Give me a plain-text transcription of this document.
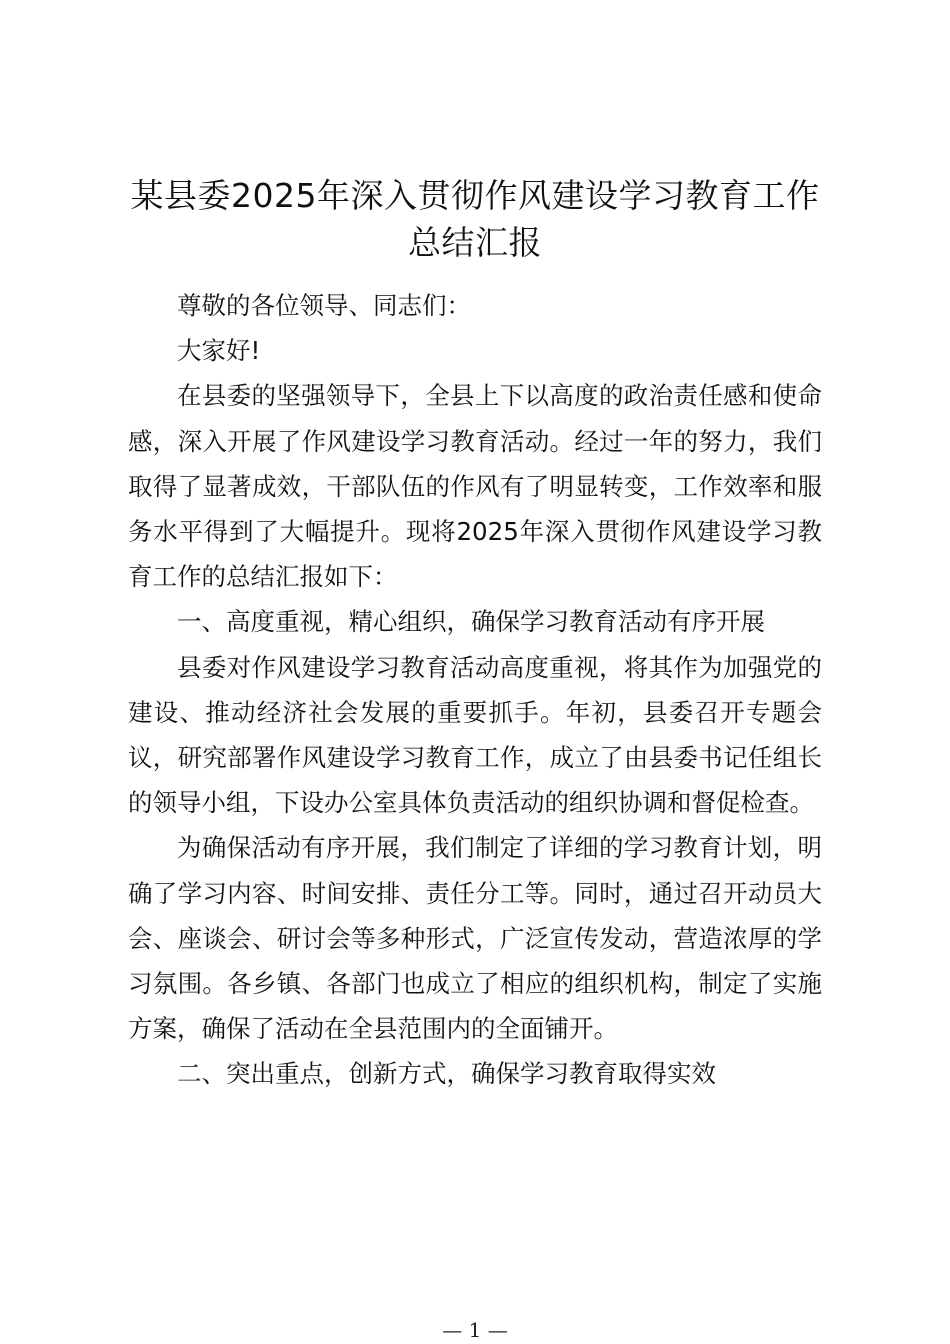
某县委2025年深入贯彻作风建设学习教育工作总结汇报

尊敬的各位领导、同志们：

大家好!

在县委的坚强领导下，全县上下以高度的政治责任感和使命感，深入开展了作风建设学习教育活动。经过一年的努力，我们取得了显著成效，干部队伍的作风有了明显转变，工作效率和服务水平得到了大幅提升。现将2025年深入贯彻作风建设学习教育工作的总结汇报如下：

一、高度重视，精心组织，确保学习教育活动有序开展

县委对作风建设学习教育活动高度重视，将其作为加强党的建设、推动经济社会发展的重要抓手。年初，县委召开专题会议，研究部署作风建设学习教育工作，成立了由县委书记任组长的领导小组，下设办公室具体负责活动的组织协调和督促检查。

为确保活动有序开展，我们制定了详细的学习教育计划，明确了学习内容、时间安排、责任分工等。同时，通过召开动员大会、座谈会、研讨会等多种形式，广泛宣传发动，营造浓厚的学习氛围。各乡镇、各部门也成立了相应的组织机构，制定了实施方案，确保了活动在全县范围内的全面铺开。

二、突出重点，创新方式，确保学习教育取得实效

— 1 —
